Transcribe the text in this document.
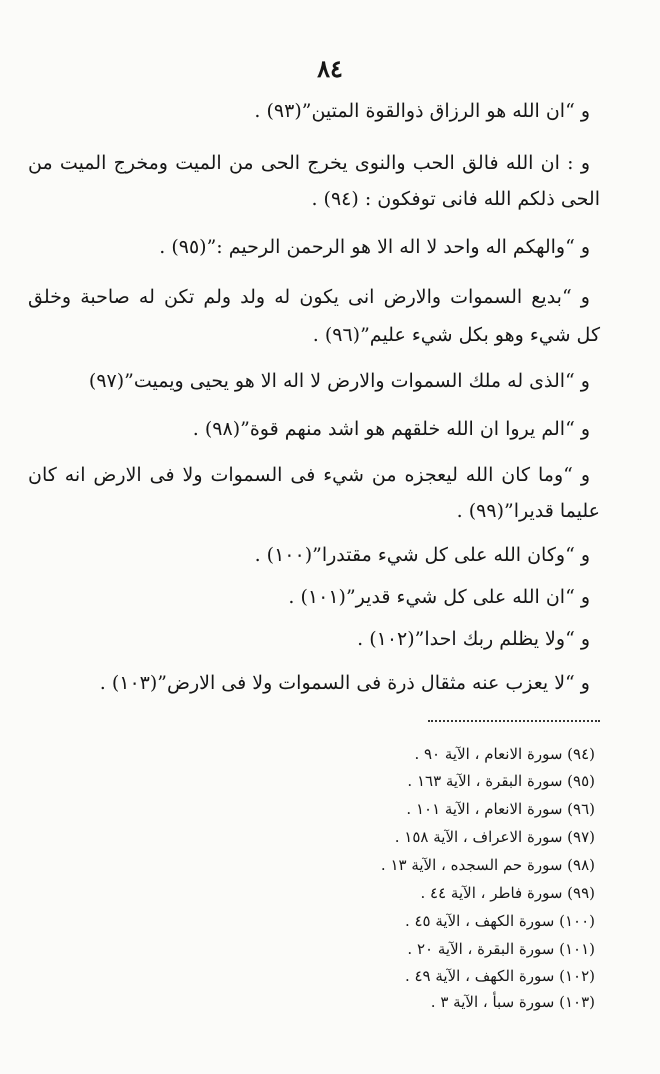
٨٤
و “ان الله هو الرزاق ذوالقوة المتين”(٩٣) .
و : ان الله فالق الحب والنوى يخرج الحى من الميت ومخرج الميت من
الحى ذلكم الله فانى توفكون : (٩٤) .
و “والهكم اله واحد لا اله الا هو الرحمن الرحيم :”(٩٥) .
و “بديع السموات والارض انى يكون له ولد ولم تكن له صاحبة وخلق
كل شيء وهو بكل شيء عليم”(٩٦) .
و “الذى له ملك السموات والارض لا اله الا هو يحيى ويميت”(٩٧)
و “الم يروا ان الله خلقهم هو اشد منهم قوة”(٩٨) .
و “وما كان الله ليعجزه من شيء فى السموات ولا فى الارض انه كان
عليما قديرا”(٩٩) .
و “وكان الله على كل شيء مقتدرا”(١٠٠) .
و “ان الله على كل شيء قدير”(١٠١) .
و “ولا يظلم ربك احدا”(١٠٢) .
و “لا يعزب عنه مثقال ذرة فى السموات ولا فى الارض”(١٠٣) .
(٩٤) سورة الانعام ، الآية ٩٠ .
(٩٥) سورة البقرة ، الآية ١٦٣ .
(٩٦) سورة الانعام ، الآية ١٠١ .
(٩٧) سورة الاعراف ، الآية ١٥٨ .
(٩٨) سورة حم السجده ، الآية ١٣ .
(٩٩) سورة فاطر ، الآية ٤٤ .
(١٠٠) سورة الكهف ، الآية ٤٥ .
(١٠١) سورة البقرة ، الآية ٢٠ .
(١٠٢) سورة الكهف ، الآية ٤٩ .
(١٠٣) سورة سبأ ، الآية ٣ .
